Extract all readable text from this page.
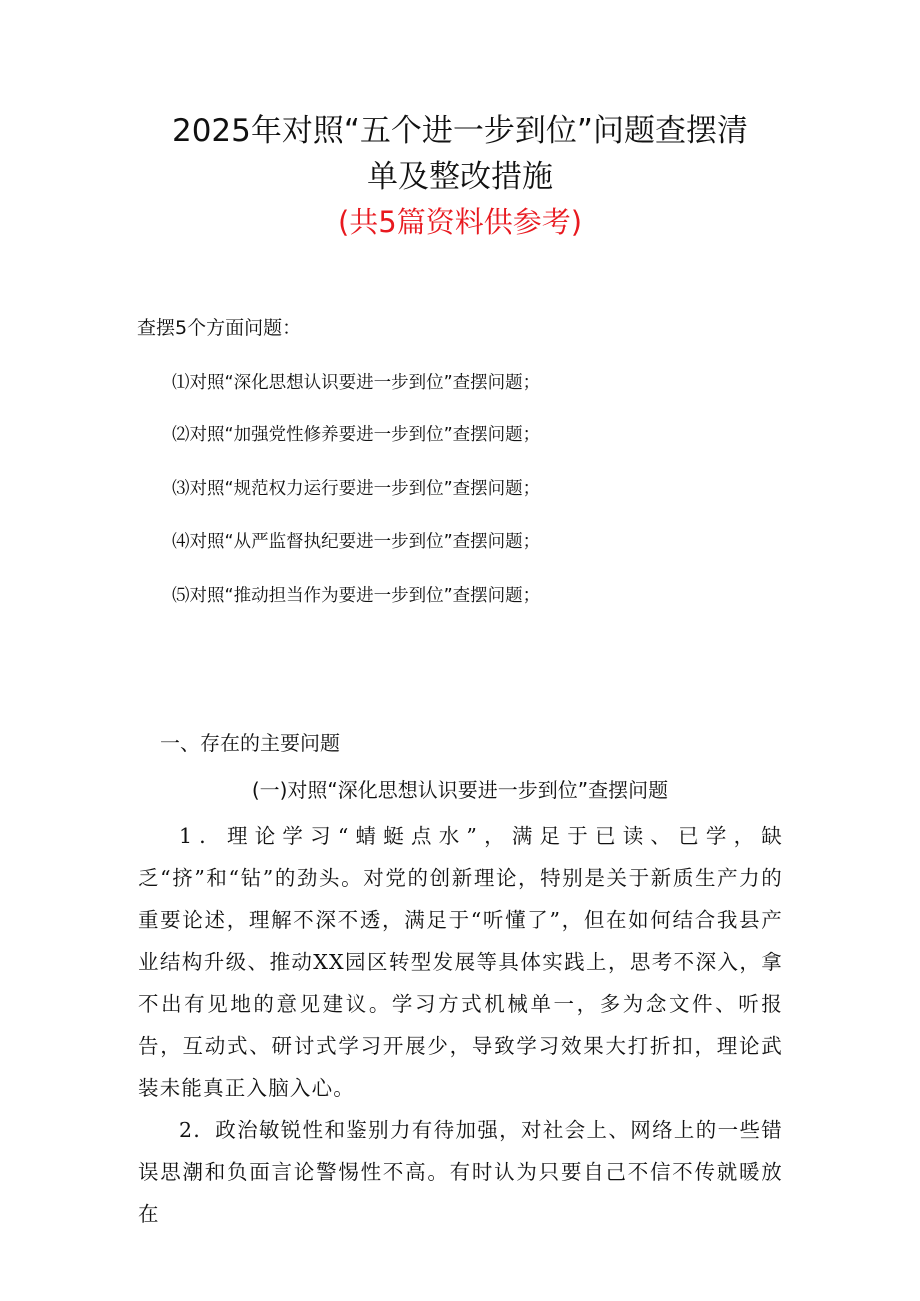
2025年对照“五个进一步到位”问题查摆清
单及整改措施
(共5篇资料供参考)
查摆5个方面问题：
⑴对照“深化思想认识要进一步到位”查摆问题；
⑵对照“加强党性修养要进一步到位”查摆问题；
⑶对照“规范权力运行要进一步到位”查摆问题；
⑷对照“从严监督执纪要进一步到位”查摆问题；
⑸对照“推动担当作为要进一步到位”查摆问题；
一、存在的主要问题
(一)对照“深化思想认识要进一步到位”查摆问题

1．理论学习“蜻蜓点水”，满足于已读、已学，缺乏“挤”和“钻”的劲头。对党的创新理论，特别是关于新质生产力的重要论述，理解不深不透，满足于“听懂了”，但在如何结合我县产业结构升级、推动XX园区转型发展等具体实践上，思考不深入，拿不出有见地的意见建议。学习方式机械单一，多为念文件、听报告，互动式、研讨式学习开展少，导致学习效果大打折扣，理论武装未能真正入脑入心。

2．政治敏锐性和鉴别力有待加强，对社会上、网络上的一些错误思潮和负面言论警惕性不高。有时认为只要自己不信不传就暖放在
